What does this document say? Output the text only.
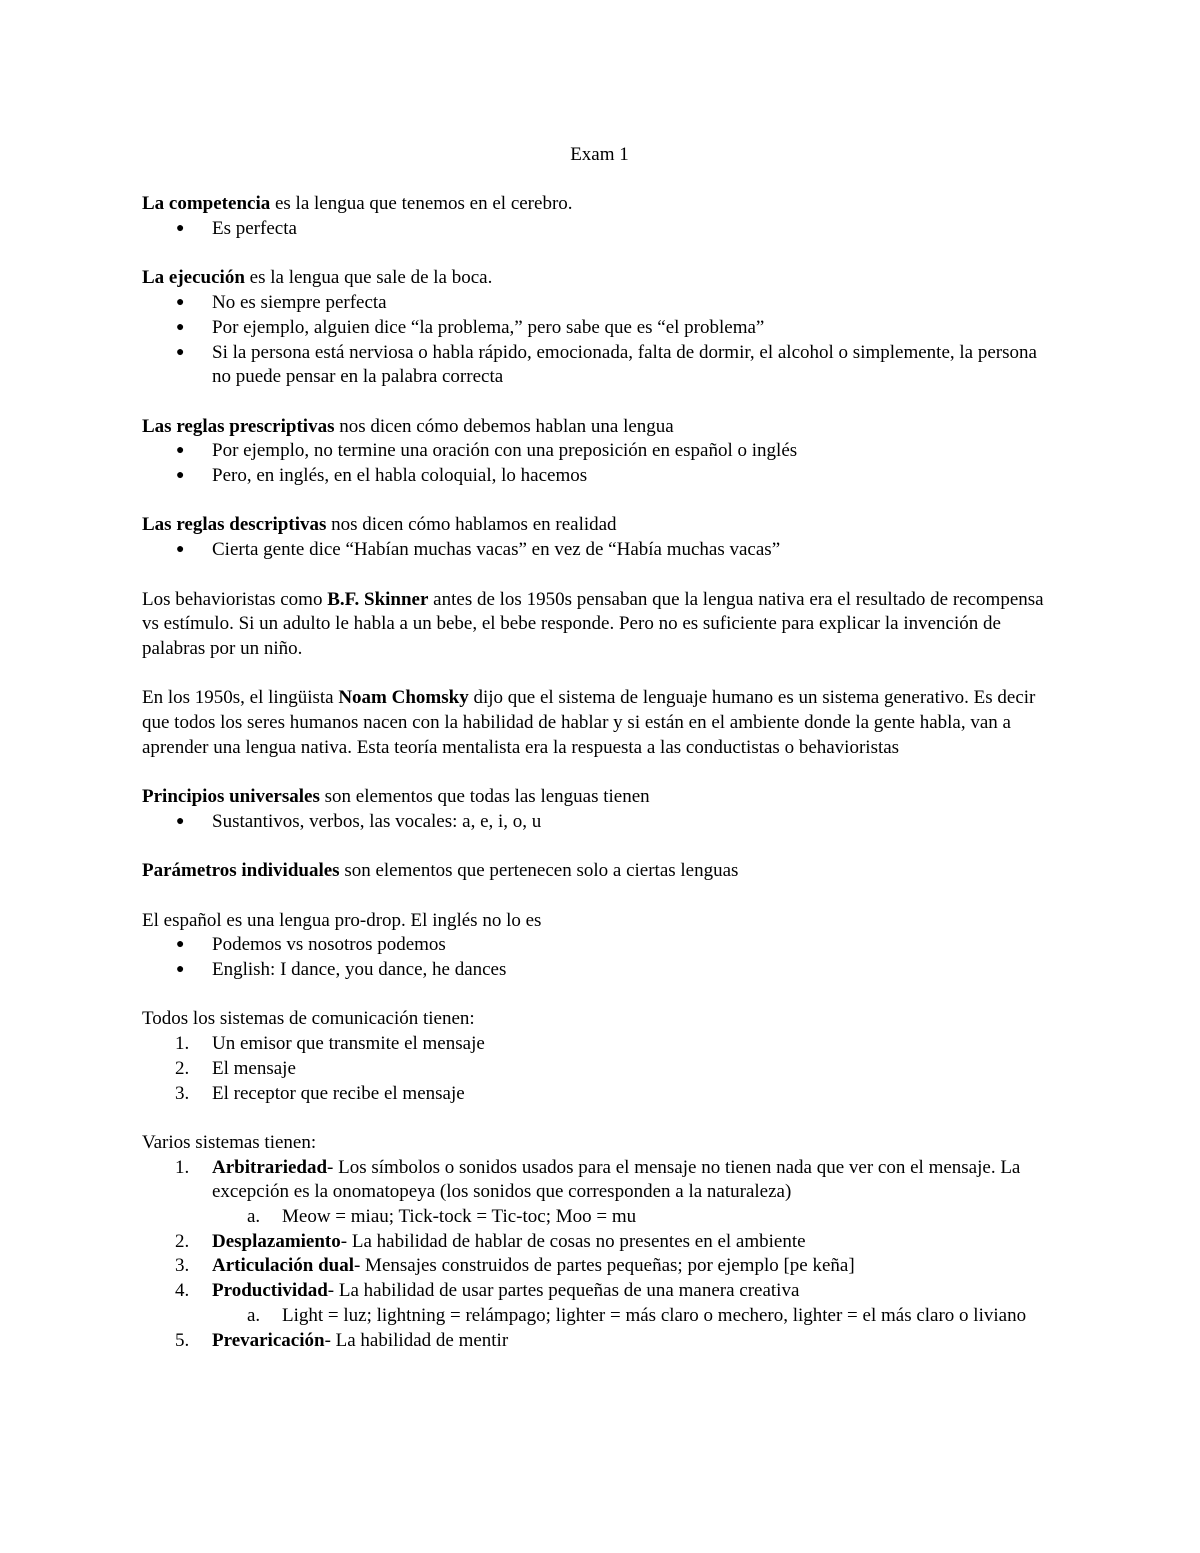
Exam 1

La competencia es la lengua que tenemos en el cerebro.

● Es perfecta

La ejecución es la lengua que sale de la boca.

● No es siempre perfecta
● Por ejemplo, alguien dice “la problema,” pero sabe que es “el problema”
● Si la persona está nerviosa o habla rápido, emocionada, falta de dormir, el alcohol o simplemente, la persona no puede pensar en la palabra correcta

Las reglas prescriptivas nos dicen cómo debemos hablan una lengua

● Por ejemplo, no termine una oración con una preposición en español o inglés
● Pero, en inglés, en el habla coloquial, lo hacemos

Las reglas descriptivas nos dicen cómo hablamos en realidad

● Cierta gente dice “Habían muchas vacas” en vez de “Había muchas vacas”

Los behavioristas como B.F. Skinner antes de los 1950s pensaban que la lengua nativa era el resultado de recompensa vs estímulo. Si un adulto le habla a un bebe, el bebe responde. Pero no es suficiente para explicar la invención de palabras por un niño.

En los 1950s, el lingüista Noam Chomsky dijo que el sistema de lenguaje humano es un sistema generativo. Es decir que todos los seres humanos nacen con la habilidad de hablar y si están en el ambiente donde la gente habla, van a aprender una lengua nativa. Esta teoría mentalista era la respuesta a las conductistas o behavioristas

Principios universales son elementos que todas las lenguas tienen

● Sustantivos, verbos, las vocales: a, e, i, o, u

Parámetros individuales son elementos que pertenecen solo a ciertas lenguas

El español es una lengua pro-drop. El inglés no lo es

● Podemos vs nosotros podemos
● English: I dance, you dance, he dances

Todos los sistemas de comunicación tienen:

1. Un emisor que transmite el mensaje
2. El mensaje
3. El receptor que recibe el mensaje

Varios sistemas tienen:

1. Arbitrariedad- Los símbolos o sonidos usados para el mensaje no tienen nada que ver con el mensaje. La excepción es la onomatopeya (los sonidos que corresponden a la naturaleza)
a. Meow = miau; Tick-tock = Tic-toc; Moo = mu
2. Desplazamiento- La habilidad de hablar de cosas no presentes en el ambiente
3. Articulación dual- Mensajes construidos de partes pequeñas; por ejemplo [pe keña]
4. Productividad- La habilidad de usar partes pequeñas de una manera creativa
a. Light = luz; lightning = relámpago; lighter = más claro o mechero, lighter = el más claro o liviano
5. Prevaricación- La habilidad de mentir
